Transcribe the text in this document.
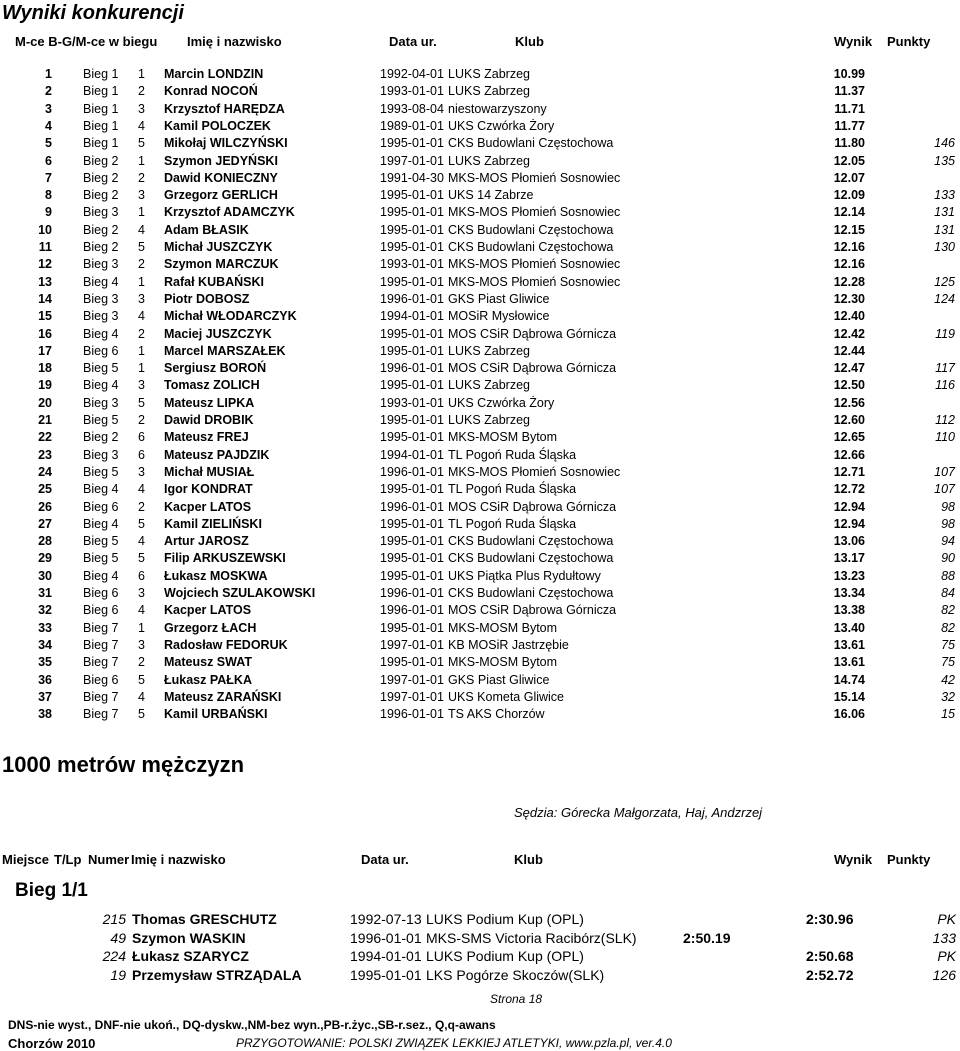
Wyniki konkurencji
M-ce B-G/M-ce w biegu Imię i nazwisko	Data ur.	Klub	Wynik Punkty
1 Bieg 1 1 Marcin LONDZIN	1992-04-01 LUKS Zabrzeg	10.99
2 Bieg 1 2 Konrad NOCOŃ	1993-01-01 LUKS Zabrzeg	11.37
3 Bieg 1 3 Krzysztof HARĘDZA	1993-08-04 niestowarzyszony	11.71
4 Bieg 1 4 Kamil POLOCZEK	1989-01-01 UKS Czwórka Żory	11.77
5 Bieg 1 5 Mikołaj WILCZYŃSKI	1995-01-01 CKS Budowlani Częstochowa	11.80	146
6 Bieg 2 1 Szymon JEDYŃSKI	1997-01-01 LUKS Zabrzeg	12.05	135
7 Bieg 2 2 Dawid KONIECZNY	1991-04-30 MKS-MOS Płomień Sosnowiec	12.07
8 Bieg 2 3 Grzegorz GERLICH	1995-01-01 UKS 14 Zabrze	12.09	133
9 Bieg 3 1 Krzysztof ADAMCZYK	1995-01-01 MKS-MOS Płomień Sosnowiec	12.14	131
10 Bieg 2 4 Adam BŁASIK	1995-01-01 CKS Budowlani Częstochowa	12.15	131
11 Bieg 2 5 Michał JUSZCZYK	1995-01-01 CKS Budowlani Częstochowa	12.16	130
12 Bieg 3 2 Szymon MARCZUK	1993-01-01 MKS-MOS Płomień Sosnowiec	12.16
13 Bieg 4 1 Rafał KUBAŃSKI	1995-01-01 MKS-MOS Płomień Sosnowiec	12.28	125
14 Bieg 3 3 Piotr DOBOSZ	1996-01-01 GKS Piast Gliwice	12.30	124
15 Bieg 3 4 Michał WŁODARCZYK	1994-01-01 MOSiR Mysłowice	12.40
16 Bieg 4 2 Maciej JUSZCZYK	1995-01-01 MOS CSiR Dąbrowa Górnicza	12.42	119
17 Bieg 6 1 Marcel MARSZAŁEK	1995-01-01 LUKS Zabrzeg	12.44
18 Bieg 5 1 Sergiusz BOROŃ	1996-01-01 MOS CSiR Dąbrowa Górnicza	12.47	117
19 Bieg 4 3 Tomasz ZOLICH	1995-01-01 LUKS Zabrzeg	12.50	116
20 Bieg 3 5 Mateusz LIPKA	1993-01-01 UKS Czwórka Żory	12.56
21 Bieg 5 2 Dawid DROBIK	1995-01-01 LUKS Zabrzeg	12.60	112
22 Bieg 2 6 Mateusz FREJ	1995-01-01 MKS-MOSM Bytom	12.65	110
23 Bieg 3 6 Mateusz PAJDZIK	1994-01-01 TL Pogoń Ruda Śląska	12.66
24 Bieg 5 3 Michał MUSIAŁ	1996-01-01 MKS-MOS Płomień Sosnowiec	12.71	107
25 Bieg 4 4 Igor KONDRAT	1995-01-01 TL Pogoń Ruda Śląska	12.72	107
26 Bieg 6 2 Kacper LATOS	1996-01-01 MOS CSiR Dąbrowa Górnicza	12.94	98
27 Bieg 4 5 Kamil ZIELIŃSKI	1995-01-01 TL Pogoń Ruda Śląska	12.94	98
28 Bieg 5 4 Artur JAROSZ	1995-01-01 CKS Budowlani Częstochowa	13.06	94
29 Bieg 5 5 Filip ARKUSZEWSKI	1995-01-01 CKS Budowlani Częstochowa	13.17	90
30 Bieg 4 6 Łukasz MOSKWA	1995-01-01 UKS Piątka Plus Rydułtowy	13.23	88
31 Bieg 6 3 Wojciech SZULAKOWSKI	1996-01-01 CKS Budowlani Częstochowa	13.34	84
32 Bieg 6 4 Kacper LATOS	1996-01-01 MOS CSiR Dąbrowa Górnicza	13.38	82
33 Bieg 7 1 Grzegorz ŁACH	1995-01-01 MKS-MOSM Bytom	13.40	82
34 Bieg 7 3 Radosław FEDORUK	1997-01-01 KB MOSiR Jastrzębie	13.61	75
35 Bieg 7 2 Mateusz SWAT	1995-01-01 MKS-MOSM Bytom	13.61	75
36 Bieg 6 5 Łukasz PAŁKA	1997-01-01 GKS Piast Gliwice	14.74	42
37 Bieg 7 4 Mateusz ZARAŃSKI	1997-01-01 UKS Kometa Gliwice	15.14	32
38 Bieg 7 5 Kamil URBAŃSKI	1996-01-01 TS AKS Chorzów	16.06	15
1000 metrów mężczyzn
Sędzia: Górecka Małgorzata, Haj, Andzrzej
Miejsce T/Lp Numer Imię i nazwisko	Data ur.	Klub	Wynik Punkty
Bieg 1/1
215 Thomas GRESCHUTZ	1992-07-13 LUKS Podium Kup (OPL)	2:30.96	PK
49 Szymon WASKIN	1996-01-01 MKS-SMS Victoria Racibórz(SLK)	2:50.19	133
224 Łukasz SZARYCZ	1994-01-01 LUKS Podium Kup (OPL)	2:50.68	PK
19 Przemysław STRZĄDALA	1995-01-01 LKS Pogórze Skoczów(SLK)	2:52.72	126
Strona 18
DNS-nie wyst., DNF-nie ukoń., DQ-dyskw.,NM-bez wyn.,PB-r.życ.,SB-r.sez., Q,q-awans
Chorzów 2010	PRZYGOTOWANIE: POLSKI ZWIĄZEK LEKKIEJ ATLETYKI, www.pzla.pl, ver.4.0
